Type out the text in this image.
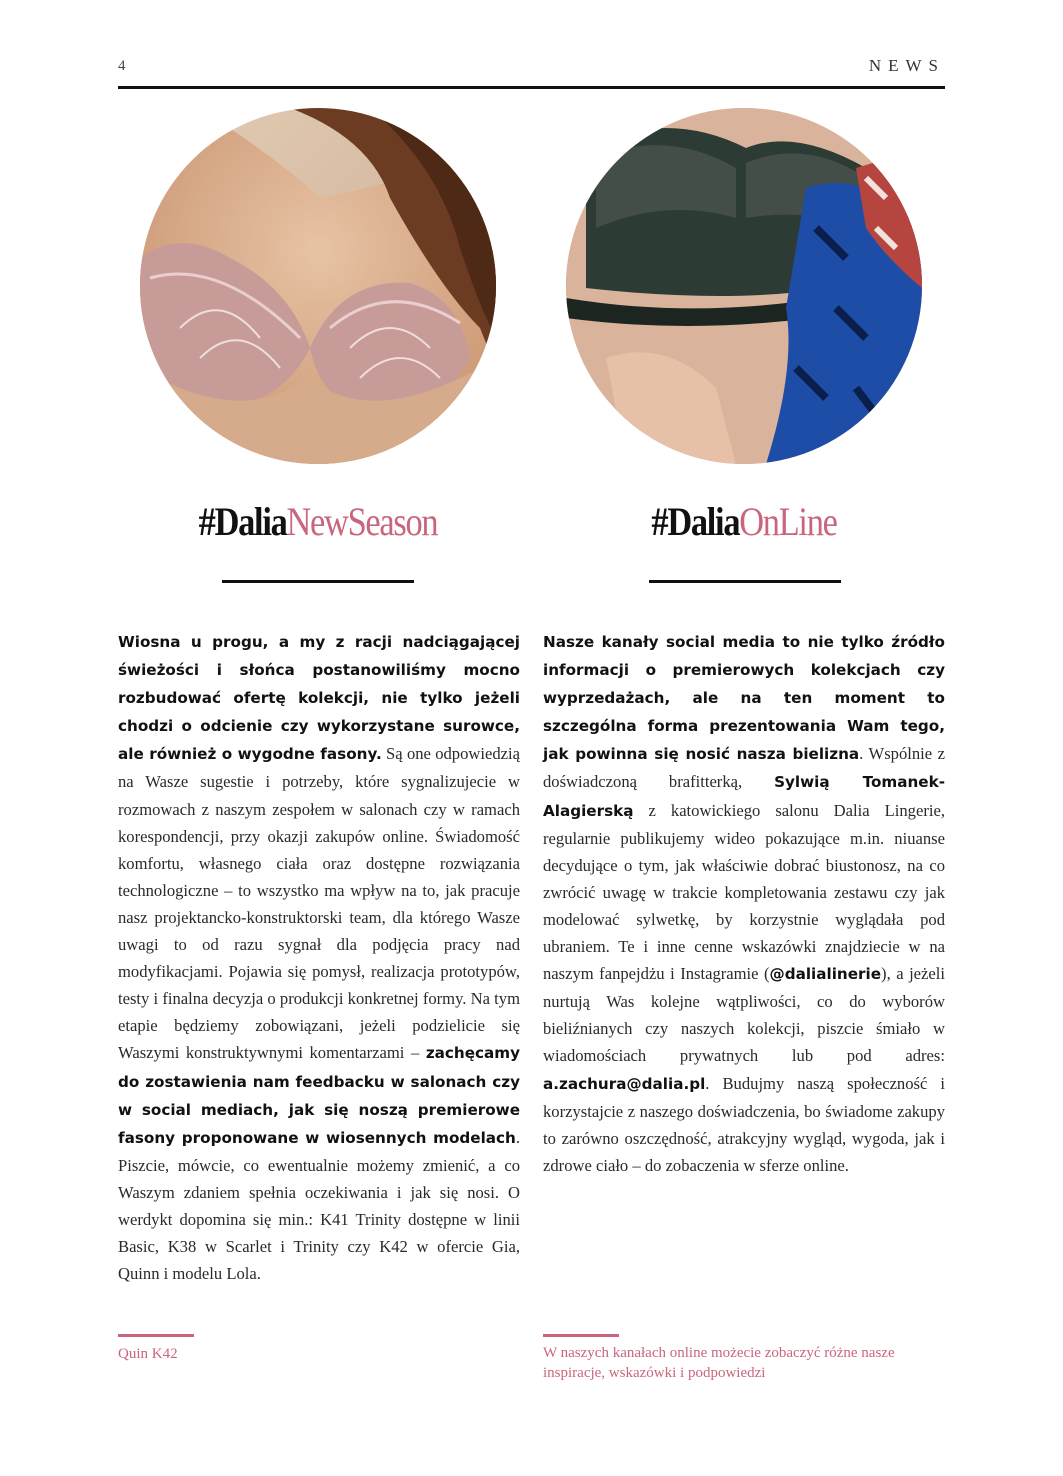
4	NEWS
#DaliaNewSeason	#DaliaOnLine
Wiosna u progu, a my z racji nadciągającej świeżości i słońca postanowiliśmy mocno rozbudować ofertę kolekcji, nie tylko jeżeli chodzi o odcienie czy wykorzystane surowce, ale również o wygodne fasony. Są one odpowiedzią na Wasze sugestie i potrzeby, które sygnalizujecie w rozmowach z naszym zespołem w salonach czy w ramach korespondencji, przy okazji zakupów online. Świadomość komfortu, własnego ciała oraz dostępne rozwiązania technologiczne – to wszystko ma wpływ na to, jak pracuje nasz projektancko-konstruktorski team, dla którego Wasze uwagi to od razu sygnał dla podjęcia pracy nad modyfikacjami. Pojawia się pomysł, realizacja prototypów, testy i finalna decyzja o produkcji konkretnej formy. Na tym etapie będziemy zobowiązani, jeżeli podzielicie się Waszymi konstruktywnymi komentarzami – zachęcamy do zostawienia nam feedbacku w salonach czy w social mediach, jak się noszą premierowe fasony proponowane w wiosennych modelach. Piszcie, mówcie, co ewentualnie możemy zmienić, a co Waszym zdaniem spełnia oczekiwania i jak się nosi. O werdykt dopomina się min.: K41 Trinity dostępne w linii Basic, K38 w Scarlet i Trinity czy K42 w ofercie Gia, Quinn i modelu Lola.
Nasze kanały social media to nie tylko źródło informacji o premierowych kolekcjach czy wyprzedażach, ale na ten moment to szczególna forma prezentowania Wam tego, jak powinna się nosić nasza bielizna. Wspólnie z doświadczoną brafitterką, Sylwią Tomanek-Alagierską z katowickiego salonu Dalia Lingerie, regularnie publikujemy wideo pokazujące m.in. niuanse decydujące o tym, jak właściwie dobrać biustonosz, na co zwrócić uwagę w trakcie kompletowania zestawu czy jak modelować sylwetkę, by korzystnie wyglądała pod ubraniem. Te i inne cenne wskazówki znajdziecie w na naszym fanpejdżu i Instagramie (@dalialinerie), a jeżeli nurtują Was kolejne wątpliwości, co do wyborów bieliźnianych czy naszych kolekcji, piszcie śmiało w wiadomościach prywatnych lub pod adres: a.zachura@dalia.pl. Budujmy naszą społeczność i korzystajcie z naszego doświadczenia, bo świadome zakupy to zarówno oszczędność, atrakcyjny wygląd, wygoda, jak i zdrowe ciało – do zobaczenia w sferze online.
Quin K42	W naszych kanałach online możecie zobaczyć różne nasze inspiracje, wskazówki i podpowiedzi
